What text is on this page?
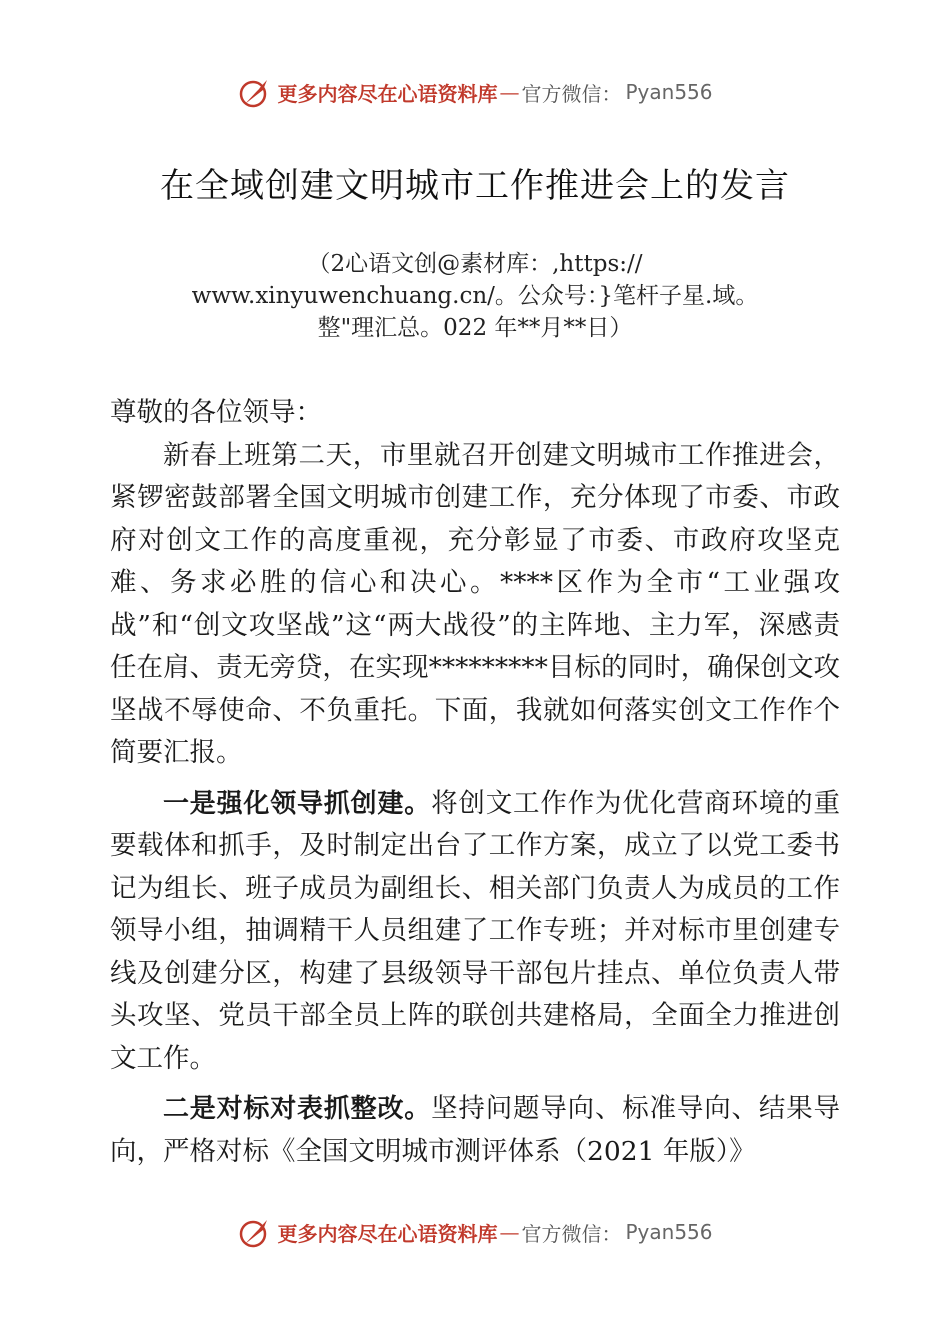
更多内容尽在心语资料库 — 官方微信： Pyan556
在全域创建文明城市工作推进会上的发言
（2心语文创@素材库：,https://
www.xinyuwenchuang.cn/。公众号：}笔杆子星.域。
整"理汇总。022 年**月**日）

尊敬的各位领导：

新春上班第二天，市里就召开创建文明城市工作推进会，紧锣密鼓部署全国文明城市创建工作，充分体现了市委、市政府对创文工作的高度重视，充分彰显了市委、市政府攻坚克难、务求必胜的信心和决心。****区作为全市“工业强攻战”和“创文攻坚战”这“两大战役”的主阵地、主力军，深感责任在肩、责无旁贷，在实现*********目标的同时，确保创文攻坚战不辱使命、不负重托。下面，我就如何落实创文工作作个简要汇报。

一是强化领导抓创建。将创文工作作为优化营商环境的重要载体和抓手，及时制定出台了工作方案，成立了以党工委书记为组长、班子成员为副组长、相关部门负责人为成员的工作领导小组，抽调精干人员组建了工作专班；并对标市里创建专线及创建分区，构建了县级领导干部包片挂点、单位负责人带头攻坚、党员干部全员上阵的联创共建格局，全面全力推进创文工作。

二是对标对表抓整改。坚持问题导向、标准导向、结果导向，严格对标《全国文明城市测评体系（2021 年版）》

更多内容尽在心语资料库 — 官方微信： Pyan556
